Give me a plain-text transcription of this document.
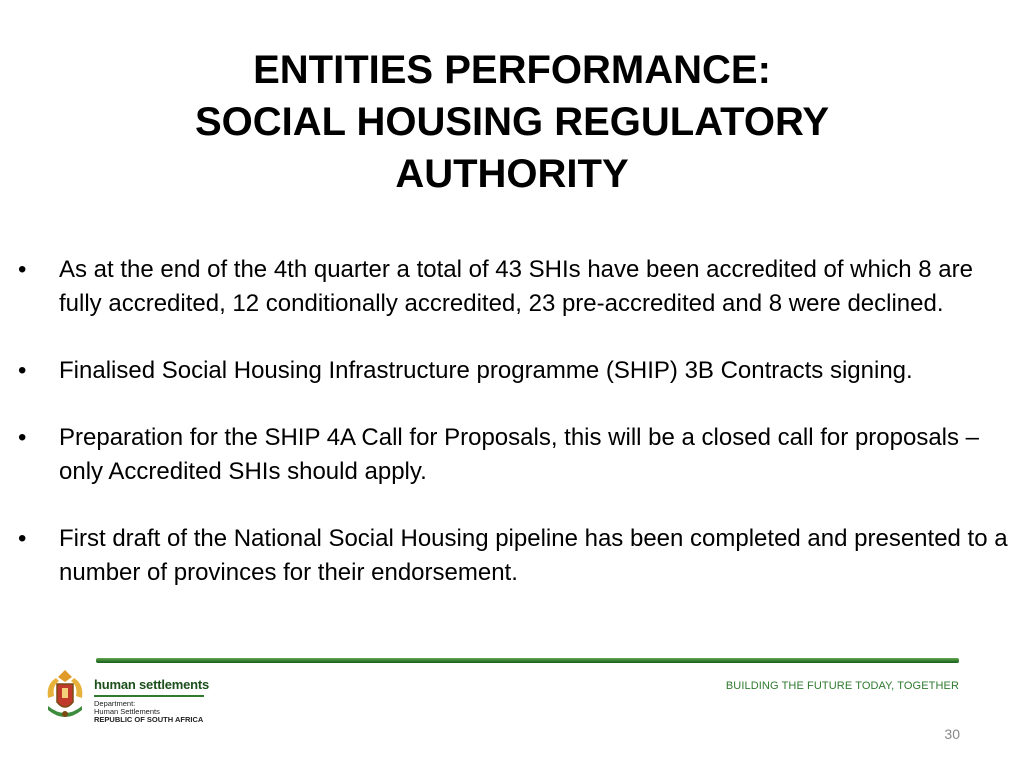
ENTITIES PERFORMANCE:
SOCIAL HOUSING REGULATORY
AUTHORITY
•	As at the end of the 4th quarter a total of 43 SHIs have been accredited of which 8 are fully accredited, 12 conditionally accredited, 23 pre-accredited and 8 were declined.
•	Finalised Social Housing Infrastructure programme (SHIP) 3B Contracts signing.
•	Preparation for the SHIP 4A Call for Proposals, this will be a closed call for proposals – only Accredited SHIs should apply.
•	First draft of the National Social Housing pipeline has been completed and presented to a number of provinces for their endorsement.
human settlements
Department:
Human Settlements
REPUBLIC OF SOUTH AFRICA
BUILDING THE FUTURE TODAY, TOGETHER
30
